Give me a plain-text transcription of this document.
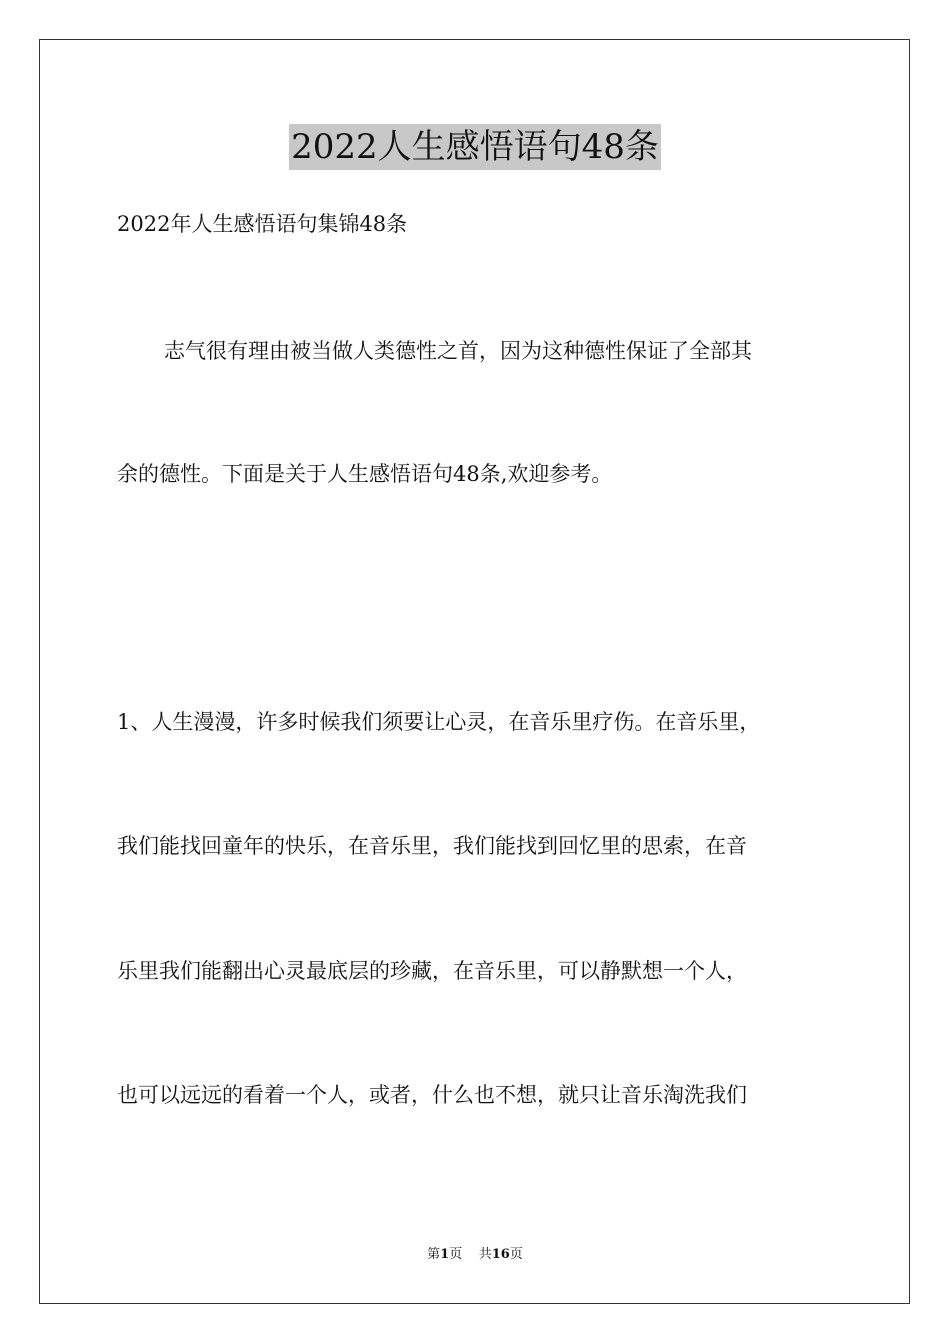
2022人生感悟语句48条
2022年人生感悟语句集锦48条
志气很有理由被当做人类德性之首，因为这种德性保证了全部其
余的德性。下面是关于人生感悟语句48条,欢迎参考。
1、人生漫漫，许多时候我们须要让心灵，在音乐里疗伤。在音乐里，
我们能找回童年的快乐，在音乐里，我们能找到回忆里的思索，在音
乐里我们能翻出心灵最底层的珍藏，在音乐里，可以静默想一个人，
也可以远远的看着一个人，或者，什么也不想，就只让音乐淘洗我们
第1页 共16页
